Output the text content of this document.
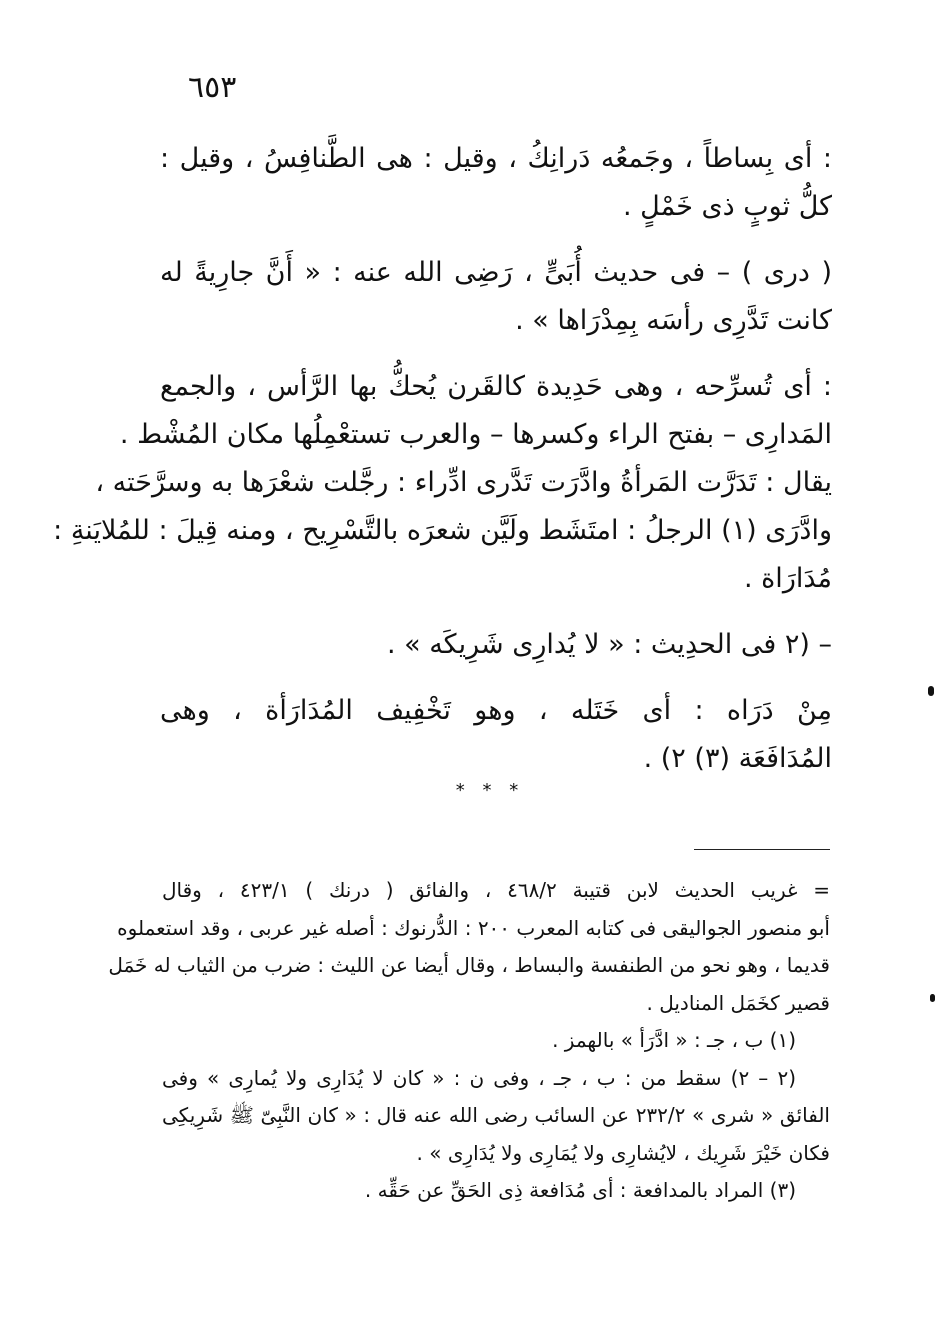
٦٥٣
: أى بِساطاً ، وجَمعُه دَرانِكُ ، وقيل : هى الطَّنافِسُ ، وقيل :
كلُّ ثوبٍ ذى خَمْلٍ .
( درى ) – فى حديث أُبَىٍّ ، رَضِى الله عنه : « أَنَّ جارِيةً له
كانت تَدَّرِى رأسَه بِمِدْرَاها » .
: أى تُسرِّحه ، وهى حَدِيدة كالقَرن يُحكُّ بها الرَّأس ، والجمع
المَدارِى – بفتح الراء وكسرها – والعرب تستعْمِلُها مكان المُشْط .
يقال : تَدَرَّت المَرأةُ وادَّرَت تَدَّرى ادِّراء : رجَّلت شعْرَها به وسرَّحَته ،
وادَّرَى (١) الرجلُ : امتَشَط ولَيَّن شعرَه بالتَّسْرِيح ، ومنه قِيلَ : للمُلايَنةِ :
مُدَارَاة .
– (٢ فى الحدِيث : « لا يُدارِى شَرِيكَه » .
مِنْ دَرَاه : أى خَتَله ، وهو تَخْفِيف المُدَارَأة ، وهى
المُدَافَعَة (٣) ٢) .
* * *
= غريب الحديث لابن قتيبة ٤٦٨/٢ ، والفائق ( درنك ) ٤٢٣/١ ، وقال
أبو منصور الجواليقى فى كتابه المعرب ٢٠٠ : الدُّرنوك : أصله غير عربى ، وقد استعملوه
قديما ، وهو نحو من الطنفسة والبساط ، وقال أيضا عن الليث : ضرب من الثياب له خَمَل
قصير كخَمَل المناديل .
(١) ب ، جـ : « ادَّرَأ » بالهمز .
(٢ – ٢) سقط من : ب ، جـ ، وفى ن : « كان لا يُدَارِى ولا يُمارِى » وفى
الفائق « شرى » ٢٣٢/٢ عن السائب رضى الله عنه قال : « كان النَّبِىّ ﷺ شَرِيكِى
فكان خَيْرَ شَرِيك ، لايُشارِى ولا يُمَارِى ولا يُدَارِى » .
(٣) المراد بالمدافعة : أى مُدَافعة ذِى الحَقِّ عن حَقِّه .
